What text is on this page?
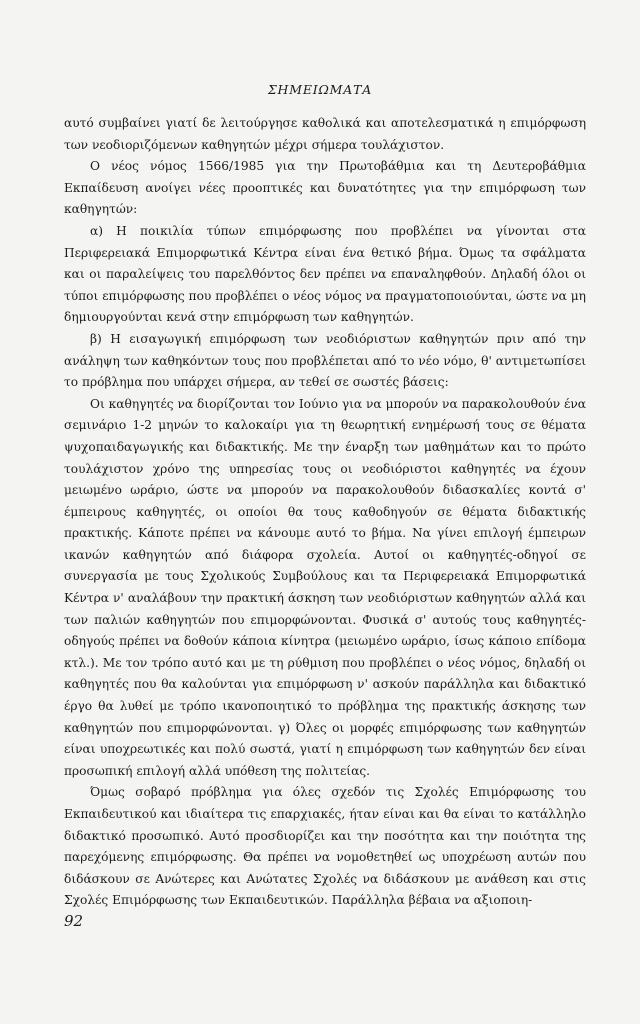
ΣΗΜΕΙΩΜΑΤΑ

αυτό συμβαίνει γιατί δε λειτούργησε καθολικά και αποτελεσματικά η επιμόρφωση των νεοδιοριζόμενων καθηγητών μέχρι σήμερα τουλάχιστον.

Ο νέος νόμος 1566/1985 για την Πρωτοβάθμια και τη Δευτεροβάθμια Εκπαίδευση ανοίγει νέες προοπτικές και δυνατότητες για την επιμόρφωση των καθηγητών:

α) Η ποικιλία τύπων επιμόρφωσης που προβλέπει να γίνονται στα Περιφερειακά Επιμορφωτικά Κέντρα είναι ένα θετικό βήμα. Όμως τα σφάλματα και οι παραλείψεις του παρελθόντος δεν πρέπει να επαναληφθούν. Δηλαδή όλοι οι τύποι επιμόρφωσης που προβλέπει ο νέος νόμος να πραγματοποιούνται, ώστε να μη δημιουργούνται κενά στην επιμόρφωση των καθηγητών.

β) Η εισαγωγική επιμόρφωση των νεοδιόριστων καθηγητών πριν από την ανάληψη των καθηκόντων τους που προβλέπεται από το νέο νόμο, θ' αντιμετωπίσει το πρόβλημα που υπάρχει σήμερα, αν τεθεί σε σωστές βάσεις:

Οι καθηγητές να διορίζονται τον Ιούνιο για να μπορούν να παρακολουθούν ένα σεμινάριο 1-2 μηνών το καλοκαίρι για τη θεωρητική ενημέρωσή τους σε θέματα ψυχοπαιδαγωγικής και διδακτικής. Με την έναρξη των μαθημάτων και το πρώτο τουλάχιστον χρόνο της υπηρεσίας τους οι νεοδιόριστοι καθηγητές να έχουν μειωμένο ωράριο, ώστε να μπορούν να παρακολουθούν διδασκαλίες κοντά σ' έμπειρους καθηγητές, οι οποίοι θα τους καθοδηγούν σε θέματα διδακτικής πρακτικής. Κάποτε πρέπει να κάνουμε αυτό το βήμα. Να γίνει επιλογή έμπειρων ικανών καθηγητών από διάφορα σχολεία. Αυτοί οι καθηγητές-οδηγοί σε συνεργασία με τους Σχολικούς Συμβούλους και τα Περιφερειακά Επιμορφωτικά Κέντρα ν' αναλάβουν την πρακτική άσκηση των νεοδιόριστων καθηγητών αλλά και των παλιών καθηγητών που επιμορφώνονται. Φυσικά σ' αυτούς τους καθηγητές-οδηγούς πρέπει να δοθούν κάποια κίνητρα (μειωμένο ωράριο, ίσως κάποιο επίδομα κτλ.). Με τον τρόπο αυτό και με τη ρύθμιση που προβλέπει ο νέος νόμος, δηλαδή οι καθηγητές που θα καλούνται για επιμόρφωση ν' ασκούν παράλληλα και διδακτικό έργο θα λυθεί με τρόπο ικανοποιητικό το πρόβλημα της πρακτικής άσκησης των καθηγητών που επιμορφώνονται. γ) Όλες οι μορφές επιμόρφωσης των καθηγητών είναι υποχρεωτικές και πολύ σωστά, γιατί η επιμόρφωση των καθηγητών δεν είναι προσωπική επιλογή αλλά υπόθεση της πολιτείας.

Όμως σοβαρό πρόβλημα για όλες σχεδόν τις Σχολές Επιμόρφωσης του Εκπαιδευτικού και ιδιαίτερα τις επαρχιακές, ήταν είναι και θα είναι το κατάλληλο διδακτικό προσωπικό. Αυτό προσδιορίζει και την ποσότητα και την ποιότητα της παρεχόμενης επιμόρφωσης. Θα πρέπει να νομοθετηθεί ως υποχρέωση αυτών που διδάσκουν σε Ανώτερες και Ανώτατες Σχολές να διδάσκουν με ανάθεση και στις Σχολές Επιμόρφωσης των Εκπαιδευτικών. Παράλληλα βέβαια να αξιοποιη-

92
